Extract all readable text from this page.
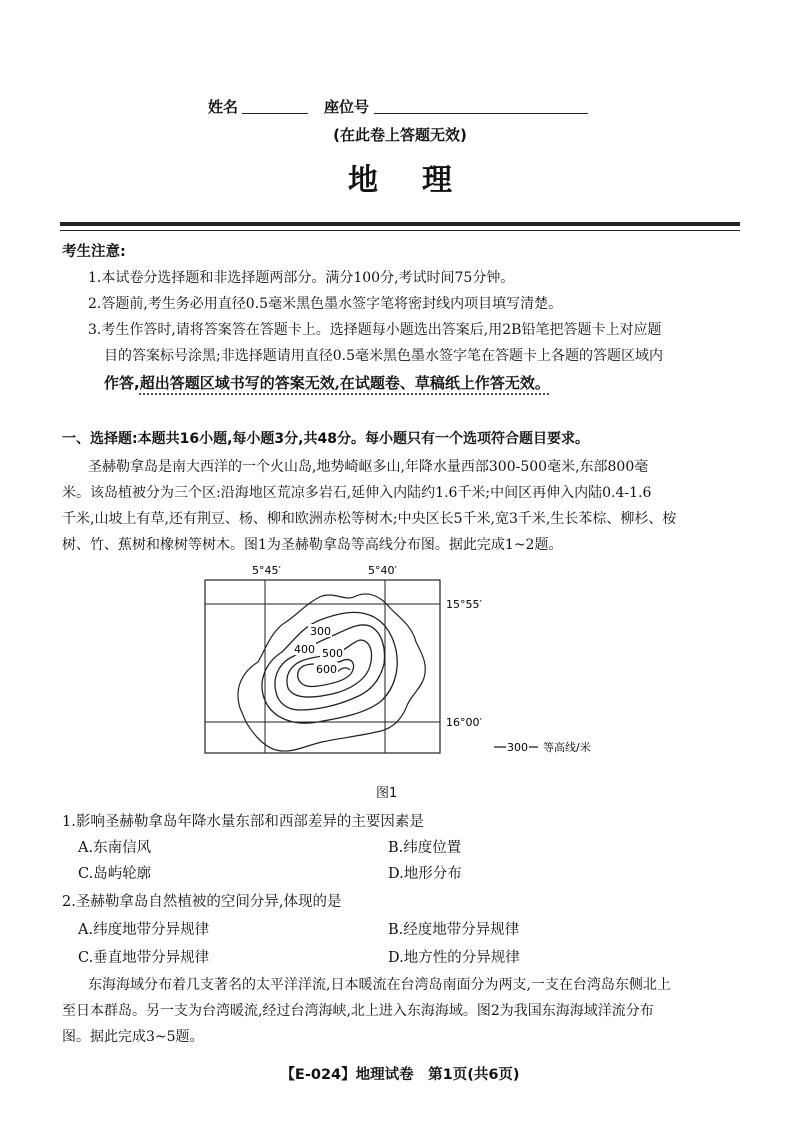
姓名	座位号
(在此卷上答题无效)
地理
考生注意:
1.本试卷分选择题和非选择题两部分。满分100分,考试时间75分钟。
2.答题前,考生务必用直径0.5毫米黑色墨水签字笔将密封线内项目填写清楚。
3.考生作答时,请将答案答在答题卡上。选择题每小题选出答案后,用2B铅笔把答题卡上对应题
目的答案标号涂黑;非选择题请用直径0.5毫米黑色墨水签字笔在答题卡上各题的答题区域内
作答,超出答题区域书写的答案无效,在试题卷、草稿纸上作答无效。
一、选择题:本题共16小题,每小题3分,共48分。每小题只有一个选项符合题目要求。
圣赫勒拿岛是南大西洋的一个火山岛,地势崎岖多山,年降水量西部300-500毫米,东部800毫
米。该岛植被分为三个区:沿海地区荒凉多岩石,延伸入内陆约1.6千米;中间区再伸入内陆0.4-1.6
千米,山坡上有草,还有荆豆、杨、柳和欧洲赤松等树木;中央区长5千米,宽3千米,生长苯棕、柳杉、桉
树、竹、蕉树和橡树等树木。图1为圣赫勒拿岛等高线分布图。据此完成1~2题。
300
400 500
600
5°45′	5°40′
15°55′
16°00′
300 等高线/米
图1
1.影响圣赫勒拿岛年降水量东部和西部差异的主要因素是
A.东南信风	B.纬度位置
C.岛屿轮廓	D.地形分布
2.圣赫勒拿岛自然植被的空间分异,体现的是
A.纬度地带分异规律	B.经度地带分异规律
C.垂直地带分异规律	D.地方性的分异规律
东海海域分布着几支著名的太平洋洋流,日本暖流在台湾岛南面分为两支,一支在台湾岛东侧北上
至日本群岛。另一支为台湾暖流,经过台湾海峡,北上进入东海海域。图2为我国东海海域洋流分布
图。据此完成3~5题。
【E-024】地理试卷　第1页(共6页)
